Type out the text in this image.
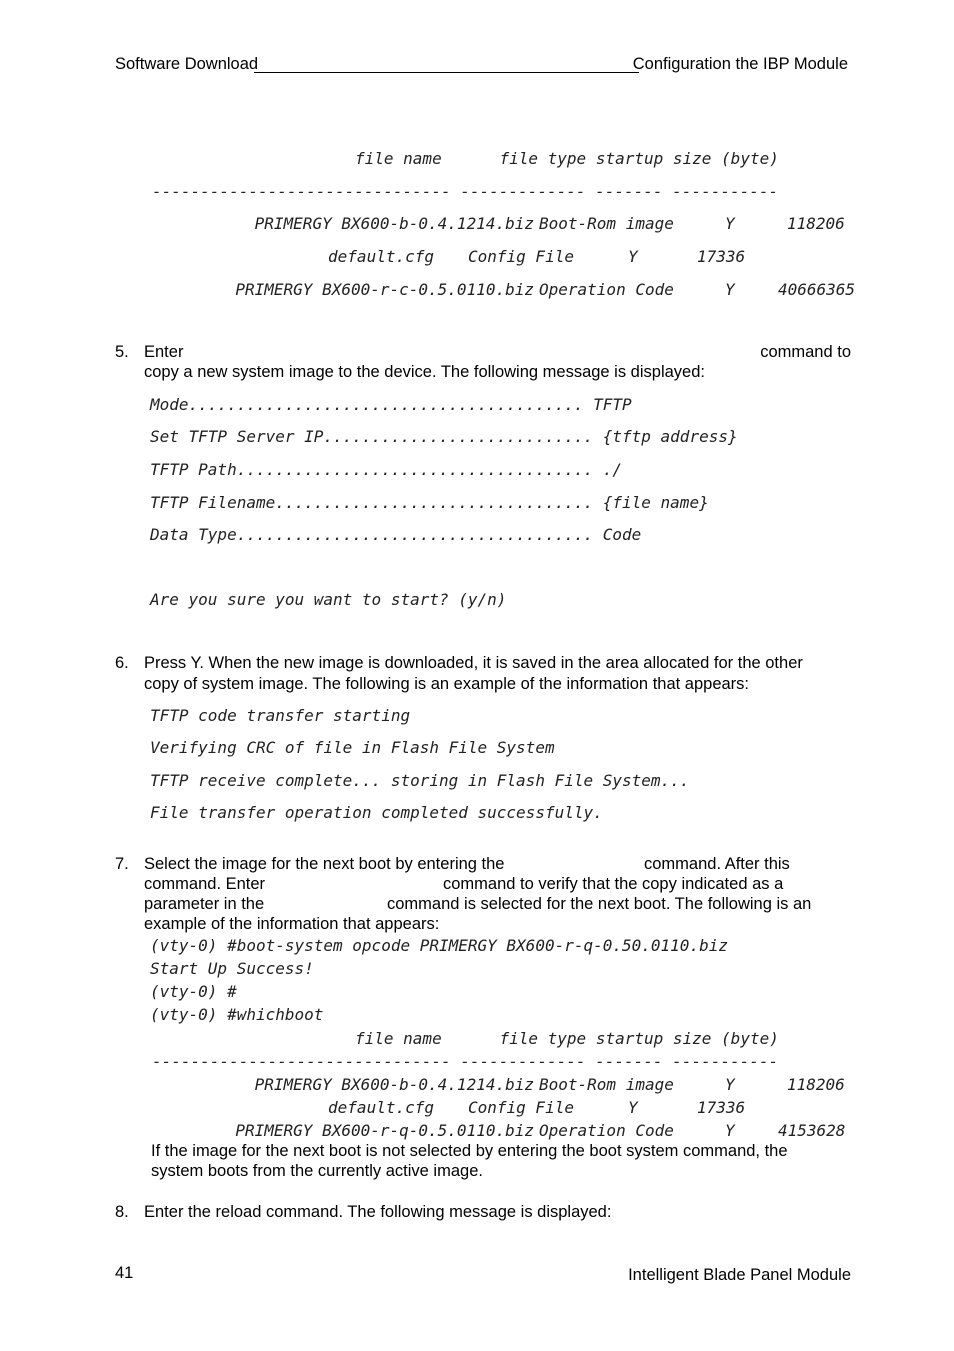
Software Download	Configuration the IBP Module
file name      file type startup size (byte)
------------------------------- ------------- ------- -----------
PRIMERGY BX600-b-0.4.1214.biz Boot-Rom image	Y	118206
default.cfg Config File	Y	17336
PRIMERGY BX600-r-c-0.5.0110.biz Operation Code	Y	40666365
5. Enter	command to
copy a new system image to the device. The following message is displayed:
Mode......................................... TFTP
Set TFTP Server IP............................ {tftp address}
TFTP Path..................................... ./
TFTP Filename................................. {file name}
Data Type..................................... Code
Are you sure you want to start? (y/n)
6. Press Y. When the new image is downloaded, it is saved in the area allocated for the other
copy of system image. The following is an example of the information that appears:
TFTP code transfer starting
Verifying CRC of file in Flash File System
TFTP receive complete... storing in Flash File System...
File transfer operation completed successfully.
7. Select the image for the next boot by entering the	command. After this
command. Enter	command to verify that the copy indicated as a
parameter in the	command is selected for the next boot. The following is an
example of the information that appears:
(vty-0) #boot-system opcode PRIMERGY BX600-r-q-0.50.0110.biz
Start Up Success!
(vty-0) #
(vty-0) #whichboot
file name      file type startup size (byte)
------------------------------- ------------- ------- -----------
PRIMERGY BX600-b-0.4.1214.biz Boot-Rom image	Y	118206
default.cfg Config File	Y	17336
PRIMERGY BX600-r-q-0.5.0110.biz Operation Code	Y	4153628
If the image for the next boot is not selected by entering the boot system command, the
system boots from the currently active image.
8. Enter the reload command. The following message is displayed:
41	Intelligent Blade Panel Module
